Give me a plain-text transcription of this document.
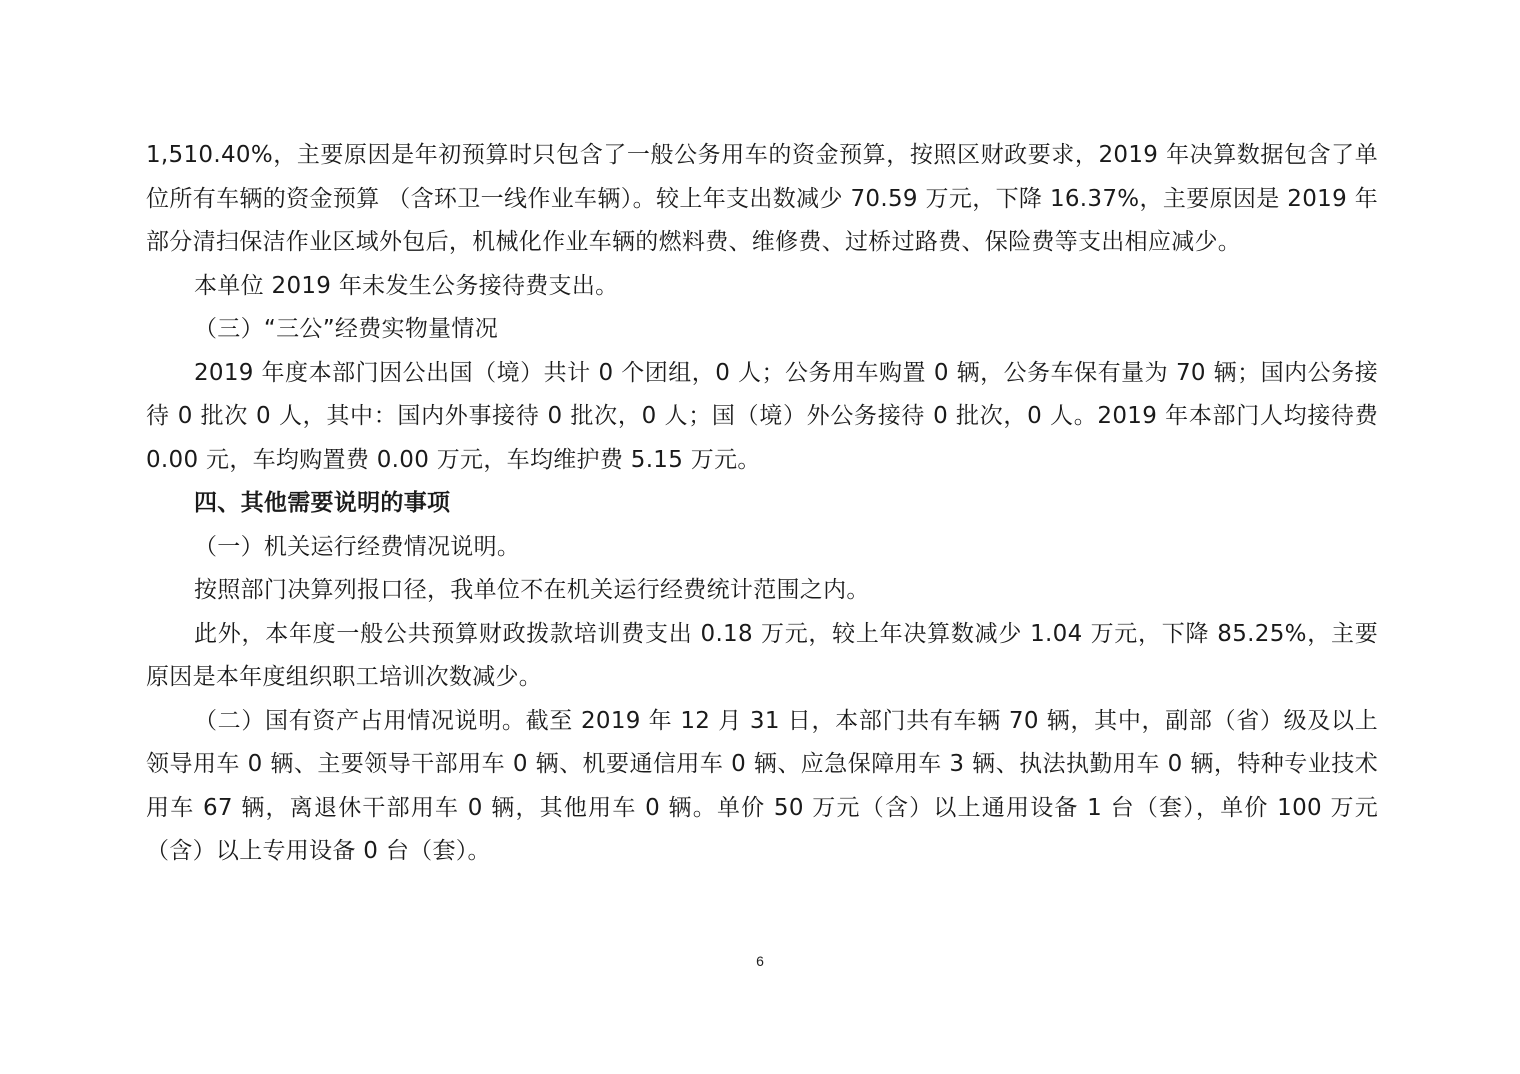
1,510.40%，主要原因是年初预算时只包含了一般公务用车的资金预算，按照区财政要求，2019 年决算数据包含了单位所有车辆的资金预算 （含环卫一线作业车辆）。较上年支出数减少 70.59 万元，下降 16.37%，主要原因是 2019 年部分清扫保洁作业区域外包后，机械化作业车辆的燃料费、维修费、过桥过路费、保险费等支出相应减少。

本单位 2019 年未发生公务接待费支出。

（三）“三公”经费实物量情况

2019 年度本部门因公出国（境）共计 0 个团组，0 人；公务用车购置 0 辆，公务车保有量为 70 辆；国内公务接待 0 批次 0 人，其中：国内外事接待 0 批次，0 人；国（境）外公务接待 0 批次，0 人。2019 年本部门人均接待费 0.00 元，车均购置费 0.00 万元，车均维护费 5.15 万元。

四、其他需要说明的事项

（一）机关运行经费情况说明。

按照部门决算列报口径，我单位不在机关运行经费统计范围之内。

此外，本年度一般公共预算财政拨款培训费支出 0.18 万元，较上年决算数减少 1.04 万元，下降 85.25%，主要原因是本年度组织职工培训次数减少。

（二）国有资产占用情况说明。截至 2019 年 12 月 31 日，本部门共有车辆 70 辆，其中，副部（省）级及以上领导用车 0 辆、主要领导干部用车 0 辆、机要通信用车 0 辆、应急保障用车 3 辆、执法执勤用车 0 辆，特种专业技术用车 67 辆，离退休干部用车 0 辆，其他用车 0 辆。单价 50 万元（含）以上通用设备 1 台（套），单价 100 万元（含）以上专用设备 0 台（套）。

6
